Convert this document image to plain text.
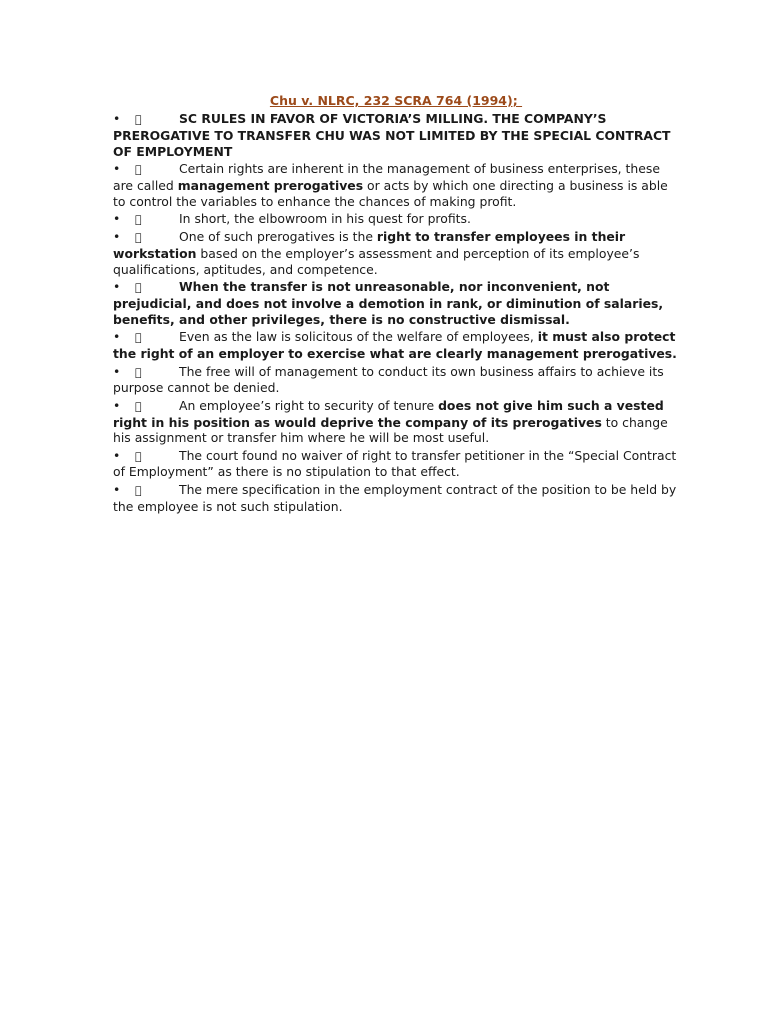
Chu v. NLRC, 232 SCRA 764 (1994);
•	SC RULES IN FAVOR OF VICTORIA’S MILLING. THE COMPANY’S PREROGATIVE TO TRANSFER CHU WAS NOT LIMITED BY THE SPECIAL CONTRACT OF EMPLOYMENT
•	Certain rights are inherent in the management of business enterprises, these are called management prerogatives or acts by which one directing a business is able to control the variables to enhance the chances of making profit.
•	In short, the elbowroom in his quest for profits.
•	One of such prerogatives is the right to transfer employees in their workstation based on the employer’s assessment and perception of its employee’s qualifications, aptitudes, and competence.
•	When the transfer is not unreasonable, nor inconvenient, not prejudicial, and does not involve a demotion in rank, or diminution of salaries, benefits, and other privileges, there is no constructive dismissal.
•	Even as the law is solicitous of the welfare of employees, it must also protect the right of an employer to exercise what are clearly management prerogatives.
•	The free will of management to conduct its own business affairs to achieve its purpose cannot be denied.
•	An employee’s right to security of tenure does not give him such a vested right in his position as would deprive the company of its prerogatives to change his assignment or transfer him where he will be most useful.
•	The court found no waiver of right to transfer petitioner in the “Special Contract of Employment” as there is no stipulation to that effect.
•	The mere specification in the employment contract of the position to be held by the employee is not such stipulation.
